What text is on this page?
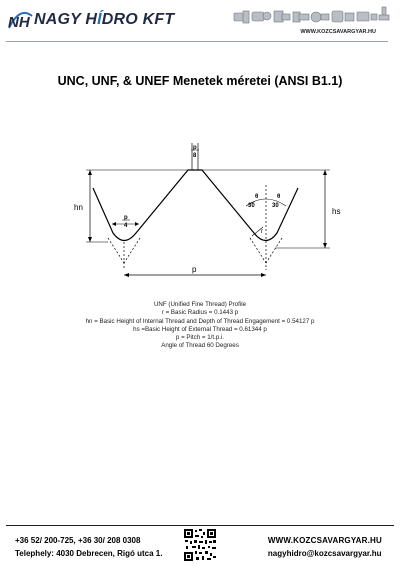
NH NAGY HÍDRO KFT
WWW.KOZCSAVARGYAR.HU
UNC, UNF, & UNEF Menetek méretei (ANSI B1.1)
hn	hs
p
r
p
8
p
4
θ
30
θ
30
UNF (Unified Fine Thread) Profile
r = Basic Radius = 0.1443 p
hn = Basic Height of Internal Thread and Depth of Thread Engagement = 0.54127 p
hs =Basic Height of External Thread = 0.61344 p
p = Pitch = 1/t.p.i.
Angle of Thread 60 Degrees
+36 52/ 200-725, +36 30/ 208 0308
Telephely: 4030 Debrecen, Rigó utca 1.
WWW.KOZCSAVARGYAR.HU
nagyhidro@kozcsavargyar.hu
